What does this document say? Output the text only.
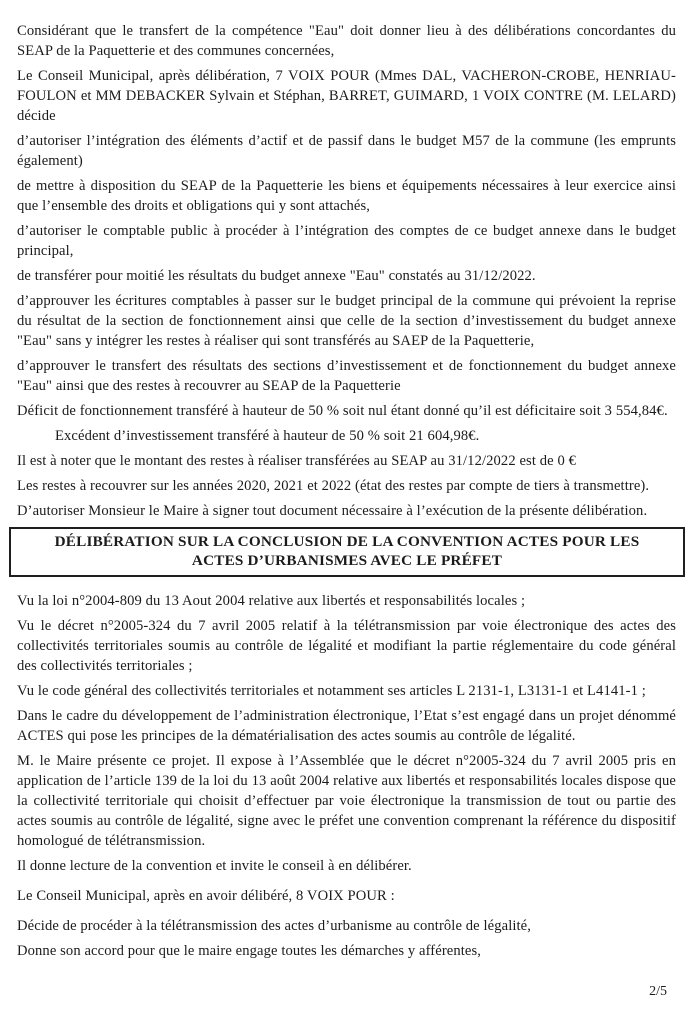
Considérant que le transfert de la compétence "Eau" doit donner lieu à des délibérations concordantes du SEAP de la Paquetterie et des communes concernées,

Le Conseil Municipal, après délibération, 7 VOIX POUR (Mmes DAL, VACHERON-CROBE, HENRIAU-FOULON et MM DEBACKER Sylvain et Stéphan, BARRET, GUIMARD, 1 VOIX CONTRE (M. LELARD) décide

d’autoriser l’intégration des éléments d’actif et de passif dans le budget M57 de la commune (les emprunts également)

de mettre à disposition du SEAP de la Paquetterie les biens et équipements nécessaires à leur exercice ainsi que l’ensemble des droits et obligations qui y sont attachés,

d’autoriser le comptable public à procéder à l’intégration des comptes de ce budget annexe dans le budget principal,

de transférer pour moitié les résultats du budget annexe "Eau" constatés au 31/12/2022.

d’approuver les écritures comptables à passer sur le budget principal de la commune qui prévoient la reprise du résultat de la section de fonctionnement ainsi que celle de la section d’investissement du budget annexe "Eau" sans y intégrer les restes à réaliser qui sont transférés au SAEP de la Paquetterie,

d’approuver le transfert des résultats des sections d’investissement et de fonctionnement du budget annexe "Eau" ainsi que des restes à recouvrer au SEAP de la Paquetterie

Déficit de fonctionnement transféré à hauteur de 50 % soit nul étant donné qu’il est déficitaire soit 3 554,84€.

Excédent d’investissement transféré à hauteur de 50 % soit 21 604,98€.

Il est à noter que le montant des restes à réaliser transférées au SEAP au 31/12/2022 est de 0 €

Les restes à recouvrer sur les années 2020, 2021 et 2022 (état des restes par compte de tiers à transmettre).

D’autoriser Monsieur le Maire à signer tout document nécessaire à l’exécution de la présente délibération.

DÉLIBÉRATION SUR LA CONCLUSION DE LA CONVENTION ACTES POUR LES ACTES D’URBANISMES AVEC LE PRÉFET

Vu la loi n°2004-809 du 13 Aout 2004 relative aux libertés et responsabilités locales ;

Vu le décret n°2005-324 du 7 avril 2005 relatif à la télétransmission par voie électronique des actes des collectivités territoriales soumis au contrôle de légalité et modifiant la partie réglementaire du code général des collectivités territoriales ;

Vu le code général des collectivités territoriales et notamment ses articles L 2131-1, L3131-1 et L4141-1 ;

Dans le cadre du développement de l’administration électronique, l’Etat s’est engagé dans un projet dénommé ACTES qui pose les principes de la dématérialisation des actes soumis au contrôle de légalité.

M. le Maire présente ce projet. Il expose à l’Assemblée que le décret n°2005-324 du 7 avril 2005 pris en application de l’article 139 de la loi du 13 août 2004 relative aux libertés et responsabilités locales dispose que la collectivité territoriale qui choisit d’effectuer par voie électronique la transmission de tout ou partie des actes soumis au contrôle de légalité, signe avec le préfet une convention comprenant la référence du dispositif homologué de télétransmission.

Il donne lecture de la convention et invite le conseil à en délibérer.

Le Conseil Municipal, après en avoir délibéré, 8 VOIX POUR :

Décide de procéder à la télétransmission des actes d’urbanisme au contrôle de légalité,

Donne son accord pour que le maire engage toutes les démarches y afférentes,

2/5
